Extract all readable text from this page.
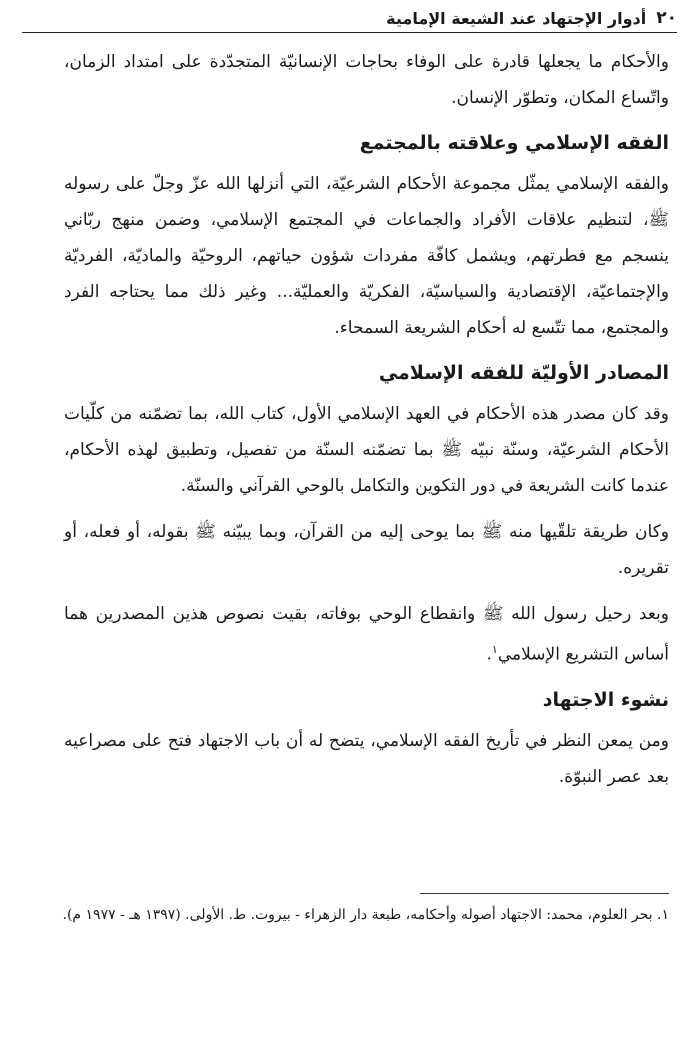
٢٠
أدوار الإجتهاد عند الشيعة الإمامية

والأحكام ما يجعلها قادرة على الوفاء بحاجات الإنسانيّة المتجدّدة على امتداد الزمان، واتّساع المكان، وتطوّر الإنسان.

الفقه الإسلامي وعلاقته بالمجتمع

والفقه الإسلامي يمثّل مجموعة الأحكام الشرعيّة، التي أنزلها الله عزّ وجلّ على رسوله ﷺ، لتنظيم علاقات الأفراد والجماعات في المجتمع الإسلامي، وضمن منهج ربّاني ينسجم مع فطرتهم، ويشمل كافّة مفردات شؤون حياتهم، الروحيّة والماديّة، الفرديّة والإجتماعيّة، الإقتصادية والسياسيّة، الفكريّة والعمليّة... وغير ذلك مما يحتاجه الفرد والمجتمع، مما تتّسع له أحكام الشريعة السمحاء.

المصادر الأوليّة للفقه الإسلامي

وقد كان مصدر هذه الأحكام في العهد الإسلامي الأول، كتاب الله، بما تضمّنه من كلّيات الأحكام الشرعيّة، وسنّة نبيّه ﷺ بما تضمّنه السنّة من تفصيل، وتطبيق لهذه الأحكام، عندما كانت الشريعة في دور التكوين والتكامل بالوحي القرآني والسنّة.

وكان طريقة تلقّيها منه ﷺ بما يوحى إليه من القرآن، وبما يبيّنه ﷺ بقوله، أو فعله، أو تقريره.

وبعد رحيل رسول الله ﷺ وانقطاع الوحي بوفاته، بقيت نصوص هذين المصدرين هما أساس التشريع الإسلامي$^١$.

نشوء الاجتهاد

ومن يمعن النظر في تأريخ الفقه الإسلامي، يتضح له أن باب الاجتهاد فتح على مصراعيه بعد عصر النبوّة.

١. بحر العلوم، محمد: الاجتهاد أصوله وأحكامه، طبعة دار الزهراء - بيروت. ط. الأولى. (١٣٩٧ هـ - ١٩٧٧ م).
